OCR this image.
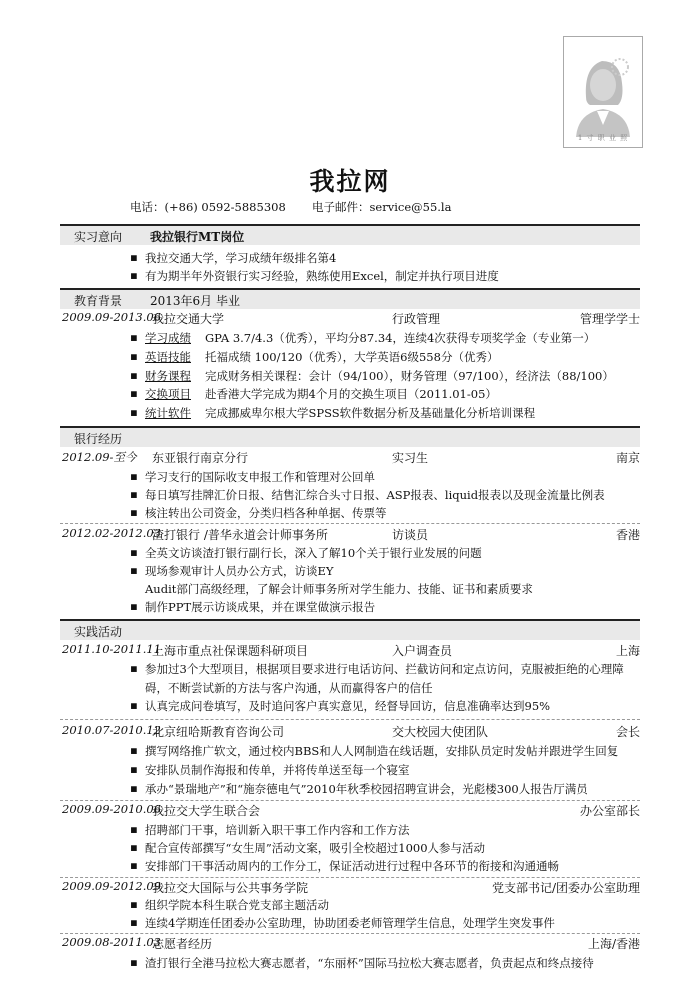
1 寸 职 业 照
我拉网
电话：(+86) 0592-5885308 电子邮件：service@55.la
实习意向	我拉银行MT岗位
▪ 我拉交通大学，学习成绩年级排名第4
▪ 有为期半年外资银行实习经验，熟练使用Excel，制定并执行项目进度
教育背景	2013年6月 毕业
2009.09-2013.06
我拉交通大学	行政管理	管理学学士
▪ 学习成绩 GPA 3.7/4.3（优秀），平均分87.34，连续4次获得专项奖学金（专业第一）
▪ 英语技能 托福成绩 100/120（优秀），大学英语6级558分（优秀）
▪ 财务课程 完成财务相关课程：会计（94/100），财务管理（97/100），经济法（88/100）
▪ 交换项目 赴香港大学完成为期4个月的交换生项目（2011.01-05）
▪ 统计软件 完成挪威卑尔根大学SPSS软件数据分析及基础量化分析培训课程
银行经历
2012.09-至今 东亚银行南京分行	实习生	南京
▪ 学习支行的国际收支申报工作和管理对公回单
▪ 每日填写挂牌汇价日报、结售汇综合头寸日报、ASP报表、liquid报表以及现金流量比例表
▪ 核注转出公司资金，分类归档各种单据、传票等
2012.02-2012.03
渣打银行 /普华永道会计师事务所	访谈员	香港
▪ 全英文访谈渣打银行副行长，深入了解10个关于银行业发展的问题
▪ 现场参观审计人员办公方式，访谈EY
Audit部门高级经理，了解会计师事务所对学生能力、技能、证书和素质要求
▪ 制作PPT展示访谈成果，并在课堂做演示报告
实践活动
2011.10-2011.11
上海市重点社保课题科研项目	入户调查员	上海
▪ 参加过3个大型项目，根据项目要求进行电话访问、拦截访问和定点访问，克服被拒绝的心理障
碍，不断尝试新的方法与客户沟通，从而赢得客户的信任
▪ 认真完成问卷填写，及时追问客户真实意见，经督导回访，信息准确率达到95%
2010.07-2010.12
北京纽哈斯教育咨询公司	交大校园大使团队	会长
▪ 撰写网络推广软文，通过校内BBS和人人网制造在线话题，安排队员定时发帖并跟进学生回复
▪ 安排队员制作海报和传单，并将传单送至每一个寝室
▪ 承办“景瑞地产”和“施奈德电气”2010年秋季校园招聘宣讲会，光彪楼300人报告厅满员
2009.09-2010.06
我拉交大学生联合会	办公室部长
▪ 招聘部门干事，培训新入职干事工作内容和工作方法
▪ 配合宣传部撰写“女生周”活动文案，吸引全校超过1000人参与活动
▪ 安排部门干事活动周内的工作分工，保证活动进行过程中各环节的衔接和沟通通畅
2009.09-2012.09
我拉交大国际与公共事务学院	党支部书记/团委办公室助理
▪ 组织学院本科生联合党支部主题活动
▪ 连续4学期连任团委办公室助理，协助团委老师管理学生信息，处理学生突发事件
2009.08-2011.03
志愿者经历	上海/香港
▪ 渣打银行全港马拉松大赛志愿者，“东丽杯”国际马拉松大赛志愿者，负责起点和终点接待
